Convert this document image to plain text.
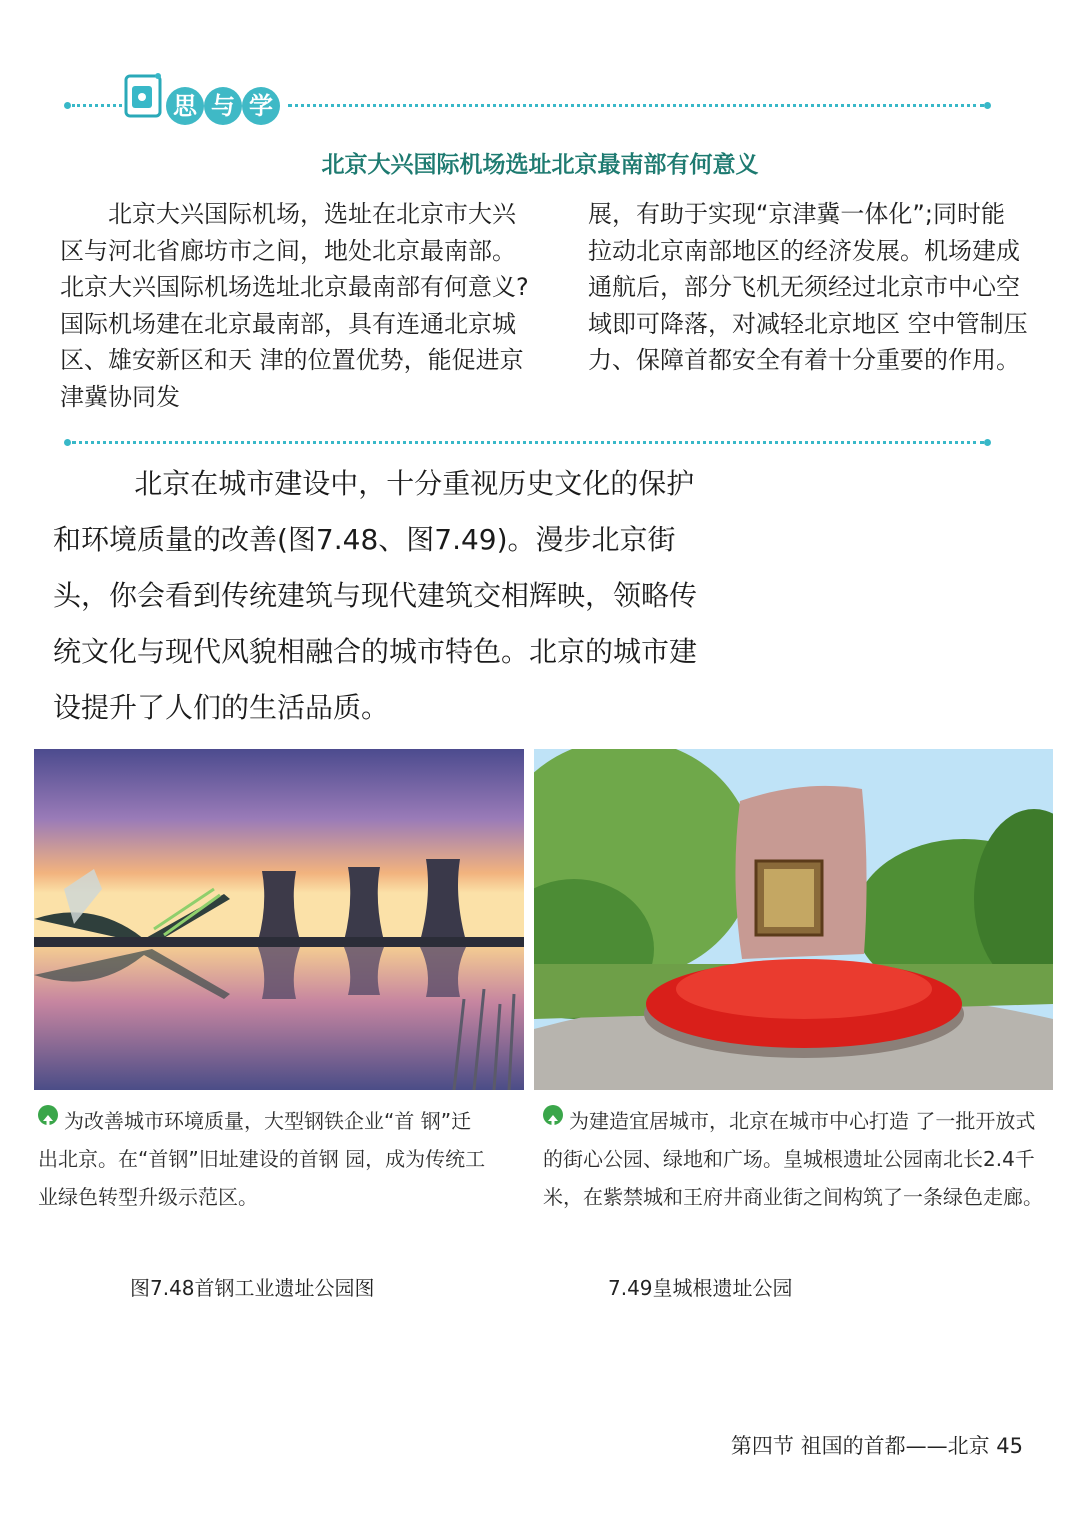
思 与 学
北京大兴国际机场选址北京最南部有何意义

北京大兴国际机场，选址在北京市大兴区与河北省廊坊市之间，地处北京最南部。北京大兴国际机场选址北京最南部有何意义?国际机场建在北京最南部，具有连通北京城区、雄安新区和天 津的位置优势，能促进京津冀协同发

展，有助于实现“京津冀一体化”;同时能拉动北京南部地区的经济发展。机场建成通航后，部分飞机无须经过北京市中心空域即可降落，对减轻北京地区 空中管制压力、保障首都安全有着十分重要的作用。

北京在城市建设中，十分重视历史文化的保护和环境质量的改善(图7.48、图7.49)。漫步北京街头，你会看到传统建筑与现代建筑交相辉映，领略传统文化与现代风貌相融合的城市特色。北京的城市建设提升了人们的生活品质。

为改善城市环境质量，大型钢铁企业“首 钢”迁出北京。在“首钢”旧址建设的首钢 园，成为传统工业绿色转型升级示范区。

为建造宜居城市，北京在城市中心打造 了一批开放式的街心公园、绿地和广场。皇城根遗址公园南北长2.4千米，在紫禁城和王府井商业街之间构筑了一条绿色走廊。

图7.48首钢工业遗址公园图	7.49皇城根遗址公园
第四节 祖国的首都——北京 45
